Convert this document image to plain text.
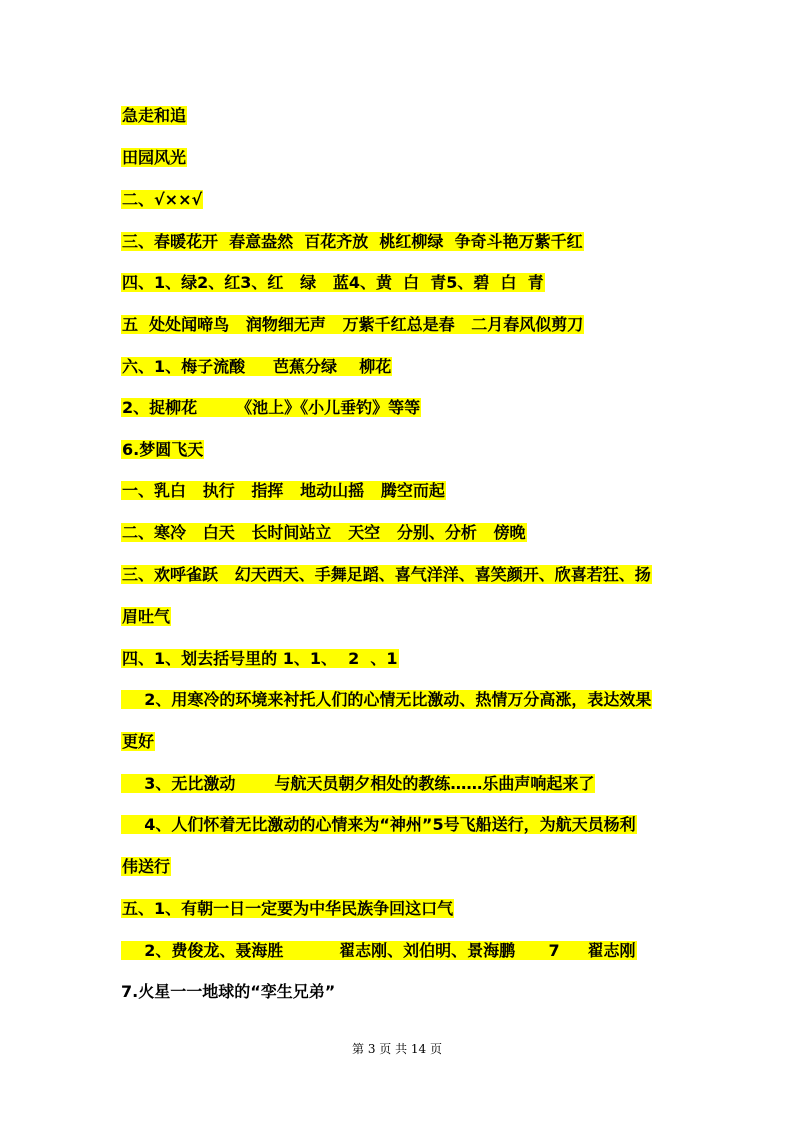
急走和追
田园风光
二、√××√
三、春暖花开  春意盎然  百花齐放  桃红柳绿  争奇斗艳万紫千红
四、1、绿2、红3、红   绿   蓝4、黄  白  青5、碧  白  青
五  处处闻啼鸟   润物细无声   万紫千红总是春   二月春风似剪刀
六、1、梅子流酸     芭蕉分绿    柳花
2、捉柳花       《池上》《小儿垂钓》等等
6.梦圆飞天
一、乳白   执行   指挥   地动山摇   腾空而起
二、寒冷   白天   长时间站立   天空   分别、分析   傍晚
三、欢呼雀跃   幻天西天、手舞足蹈、喜气洋洋、喜笑颜开、欣喜若狂、扬
眉吐气
四、1、划去括号里的 1、1、  2  、1
2、用寒冷的环境来衬托人们的心情无比激动、热情万分高涨，表达效果
更好
3、无比激动       与航天员朝夕相处的教练……乐曲声响起来了
4、人们怀着无比激动的心情来为“神州”5号飞船送行，为航天员杨利
伟送行
五、1、有朝一日一定要为中华民族争回这口气
2、费俊龙、聂海胜          翟志刚、刘伯明、景海鹏      7     翟志刚
7.火星一一地球的“孪生兄弟”
第 3 页 共 14 页
